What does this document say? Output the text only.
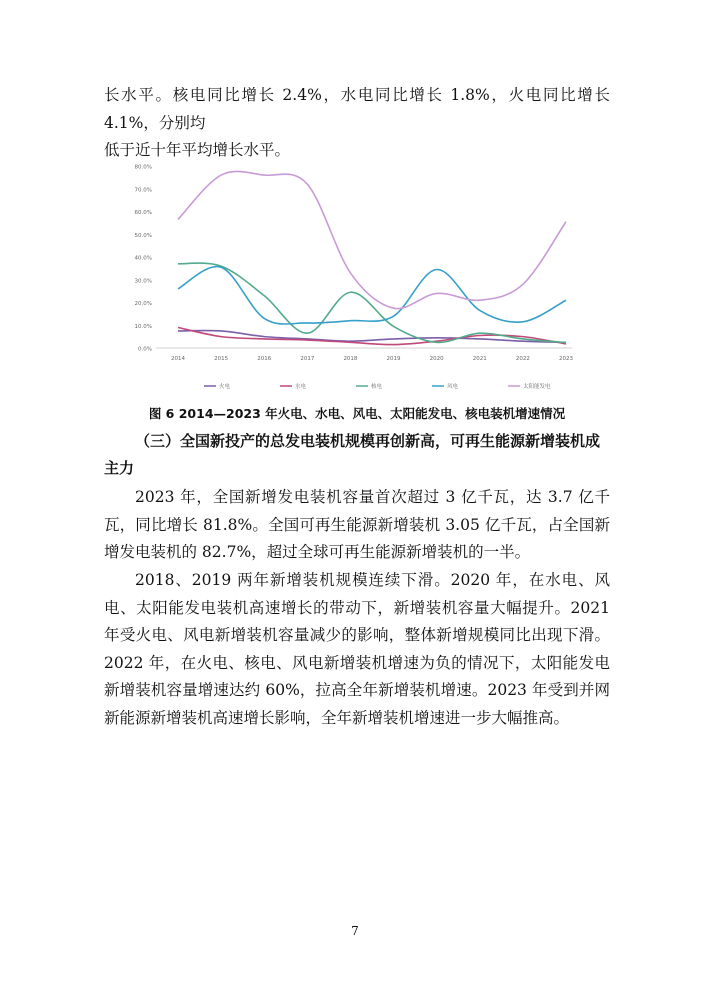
长水平。核电同比增长 2.4%，水电同比增长 1.8%，火电同比增长 4.1%，分别均
低于近十年平均增长水平。

0.0%
10.0%
20.0%
30.0%
40.0%
50.0%
60.0%
70.0%
80.0%
2014	2015	2016	2017	2018	2019	2020	2021	2022	2023
火电	水电	核电	风电	太阳能发电
图 6 2014—2023 年火电、水电、风电、太阳能发电、核电装机增速情况

（三）全国新投产的总发电装机规模再创新高，可再生能源新增装机成主力

2023 年，全国新增发电装机容量首次超过 3 亿千瓦，达 3.7 亿千瓦，同比增长 81.8%。全国可再生能源新增装机 3.05 亿千瓦，占全国新增发电装机的 82.7%，超过全球可再生能源新增装机的一半。

2018、2019 两年新增装机规模连续下滑。2020 年，在水电、风电、太阳能发电装机高速增长的带动下，新增装机容量大幅提升。2021 年受火电、风电新增装机容量减少的影响，整体新增规模同比出现下滑。2022 年，在火电、核电、风电新增装机增速为负的情况下，太阳能发电新增装机容量增速达约 60%，拉高全年新增装机增速。2023 年受到并网新能源新增装机高速增长影响，全年新增装机增速进一步大幅推高。

7
